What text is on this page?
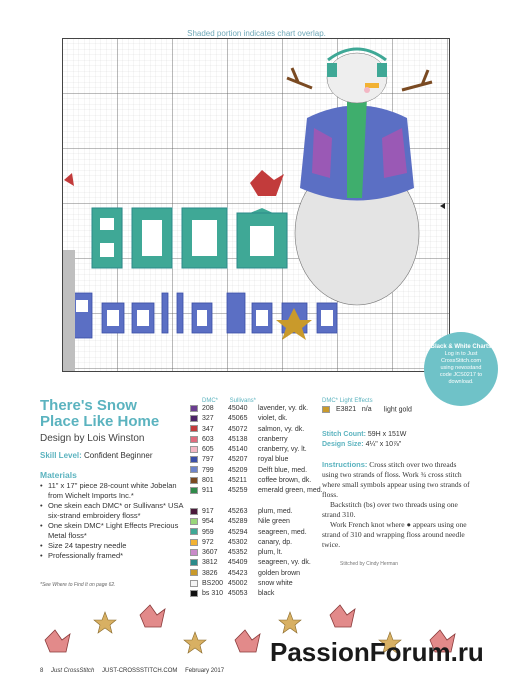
Shaded portion indicates chart overlap.
Black & White Charts
Log in to Just
CrossStitch.com
using newsstand
code JCS0217 to
download.
There's Snow Place Like Home
Design by Lois Winston
Skill Level: Confident Beginner
Materials
• 11" x 17" piece 28-count white Jobelan from Wichelt Imports Inc.*
• One skein each DMC* or Sullivans* USA six-strand embroidery floss*
• One skein DMC* Light Effects Precious Metal floss*
• Size 24 tapestry needle
• Professionally framed*
*See Where to Find It on page 62.
DMC* Sullivans*
208 45040 lavender, vy. dk.
327 45065 violet, dk.
347 45072 salmon, vy. dk.
603 45138 cranberry
605 45140 cranberry, vy. lt.
797 45207 royal blue
799 45209 Delft blue, med.
801 45211 coffee brown, dk.
911 45259 emerald green, med.
917 45263 plum, med.
954 45289 Nile green
959 45294 seagreen, med.
972 45302 canary, dp.
3607 45352 plum, lt.
3812 45409 seagreen, vy. dk.
3826 45423 golden brown
BS200 45002 snow white
bs 310 45053 black
DMC* Light Effects
E3821 n/a light gold
Stitch Count: 59H x 151W
Design Size: 4¼" x 10⅞"

Instructions: Cross stitch over two threads using two strands of floss. Work ¾ cross stitch where small symbols appear using two strands of floss.

Backstitch (bs) over two threads using one strand 310.

Work French knot where ● appears using one strand of 310 and wrapping floss around needle twice.

Stitched by Cindy Herman
PassionForum.ru
8 Just CrossStitch JUST-CROSSSTITCH.COM February 2017
